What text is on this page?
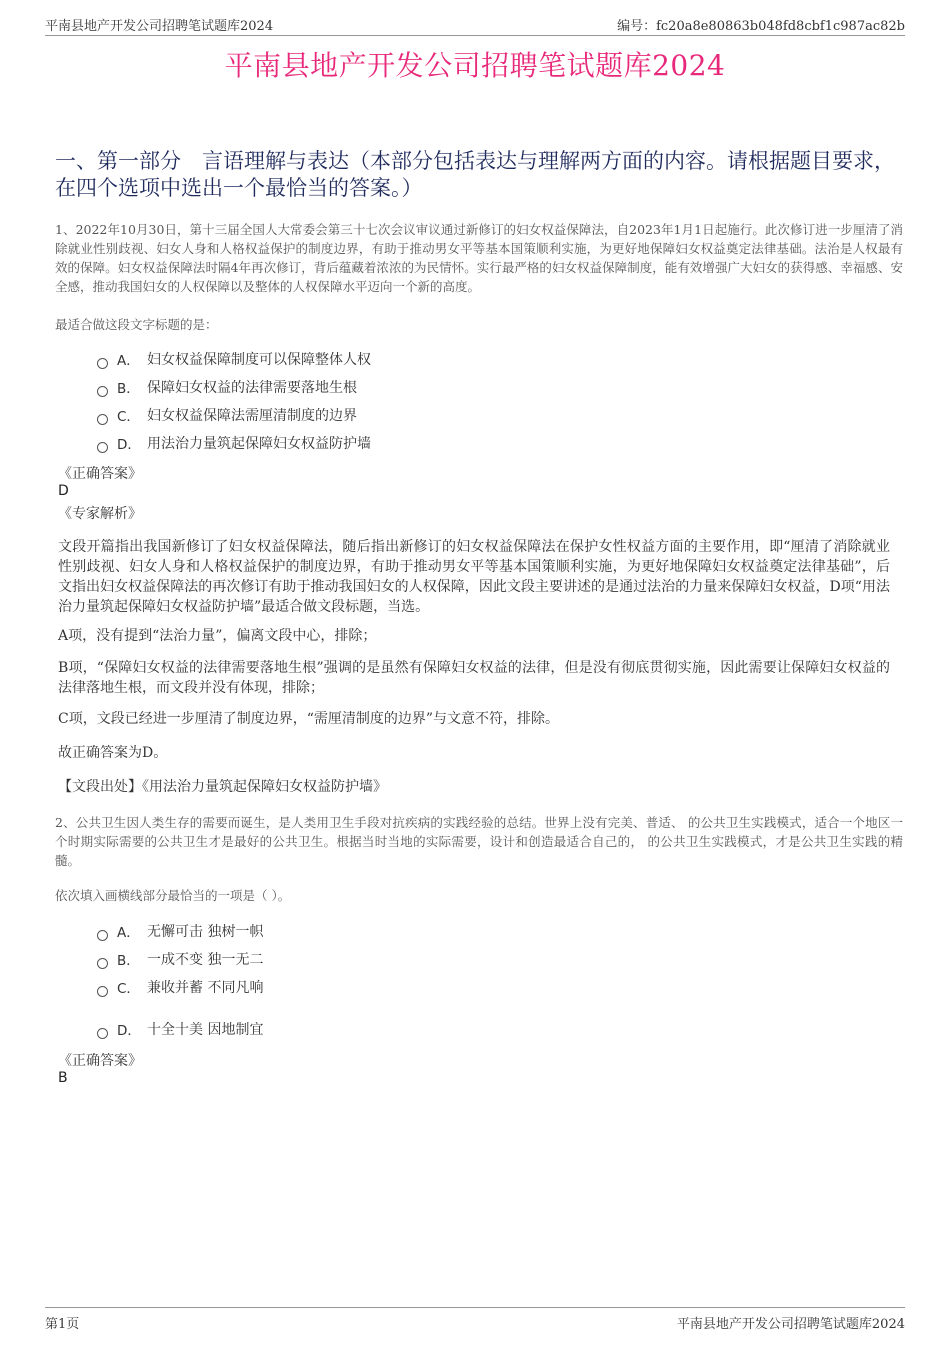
平南县地产开发公司招聘笔试题库2024	编号：fc20a8e80863b048fd8cbf1c987ac82b
平南县地产开发公司招聘笔试题库2024
一、第一部分　言语理解与表达（本部分包括表达与理解两方面的内容。请根据题目要求，在四个选项中选出一个最恰当的答案。）
1、2022年10月30日，第十三届全国人大常委会第三十七次会议审议通过新修订的妇女权益保障法，自2023年1月1日起施行。此次修订进一步厘清了消除就业性别歧视、妇女人身和人格权益保护的制度边界，有助于推动男女平等基本国策顺利实施，为更好地保障妇女权益奠定法律基础。法治是人权最有效的保障。妇女权益保障法时隔4年再次修订，背后蕴藏着浓浓的为民情怀。实行最严格的妇女权益保障制度，能有效增强广大妇女的获得感、幸福感、安全感，推动我国妇女的人权保障以及整体的人权保障水平迈向一个新的高度。
最适合做这段文字标题的是：
A． 妇女权益保障制度可以保障整体人权
B． 保障妇女权益的法律需要落地生根
C． 妇女权益保障法需厘清制度的边界
D． 用法治力量筑起保障妇女权益防护墙
《正确答案》
D
《专家解析》
文段开篇指出我国新修订了妇女权益保障法，随后指出新修订的妇女权益保障法在保护女性权益方面的主要作用，即“厘清了消除就业性别歧视、妇女人身和人格权益保护的制度边界，有助于推动男女平等基本国策顺利实施，为更好地保障妇女权益奠定法律基础”，后文指出妇女权益保障法的再次修订有助于推动我国妇女的人权保障，因此文段主要讲述的是通过法治的力量来保障妇女权益，D项“用法治力量筑起保障妇女权益防护墙”最适合做文段标题，当选。
A项，没有提到“法治力量”，偏离文段中心，排除；
B项，“保障妇女权益的法律需要落地生根”强调的是虽然有保障妇女权益的法律，但是没有彻底贯彻实施，因此需要让保障妇女权益的法律落地生根，而文段并没有体现，排除；
C项，文段已经进一步厘清了制度边界，“需厘清制度的边界”与文意不符，排除。
故正确答案为D。
【文段出处】《用法治力量筑起保障妇女权益防护墙》
2、公共卫生因人类生存的需要而诞生，是人类用卫生手段对抗疾病的实践经验的总结。世界上没有完美、普适、 的公共卫生实践模式，适合一个地区一个时期实际需要的公共卫生才是最好的公共卫生。根据当时当地的实际需要，设计和创造最适合自己的， 的公共卫生实践模式，才是公共卫生实践的精髓。
依次填入画横线部分最恰当的一项是（ ）。
A． 无懈可击 独树一帜
B． 一成不变 独一无二
C． 兼收并蓄 不同凡响
D． 十全十美 因地制宜
《正确答案》
B
第1页	平南县地产开发公司招聘笔试题库2024
